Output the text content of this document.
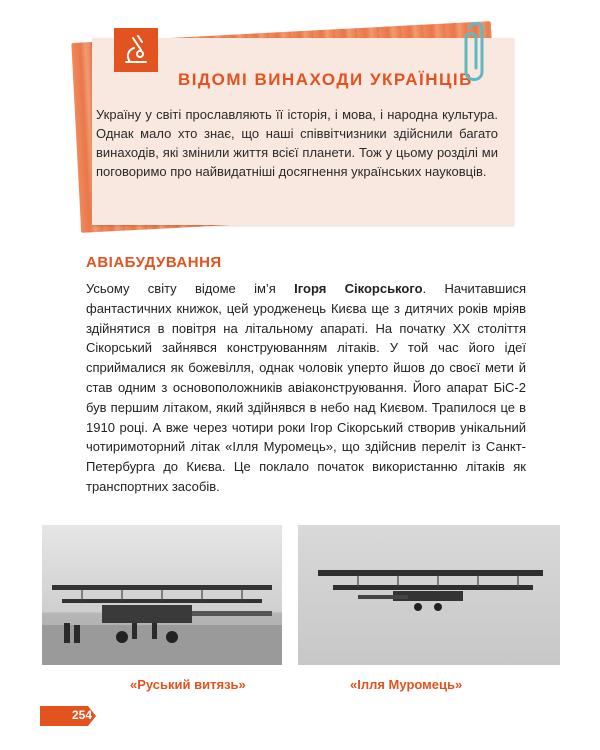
ВІДОМІ ВИНАХОДИ УКРАЇНЦІВ
Україну у світі прославляють її історія, і мова, і народна культура. Однак мало хто знає, що наші співвітчизники здійснили багато винаходів, які змінили життя всієї планети. Тож у цьому розділі ми поговоримо про найвидатніші досягнення українських науковців.
АВІАБУДУВАННЯ
Усьому світу відоме ім’я Ігоря Сікорського. Начитавшися фантастичних книжок, цей уродженець Києва ще з дитячих років мріяв здійнятися в повітря на літальному апараті. На початку ХХ століття Сікорський зайнявся конструюванням літаків. У той час його ідеї сприймалися як божевілля, однак чоловік уперто йшов до своєї мети й став одним з основоположників авіаконструювання. Його апарат БіС-2 був першим літаком, який здійнявся в небо над Києвом. Трапилося це в 1910 році. А вже через чотири роки Ігор Сікорський створив унікальний чотиримоторний літак «Ілля Муромець», що здійснив переліт із Санкт-Петербурга до Києва. Це поклало початок використанню літаків як транспортних засобів.
«Руський витязь»	«Ілля Муромець»
254
